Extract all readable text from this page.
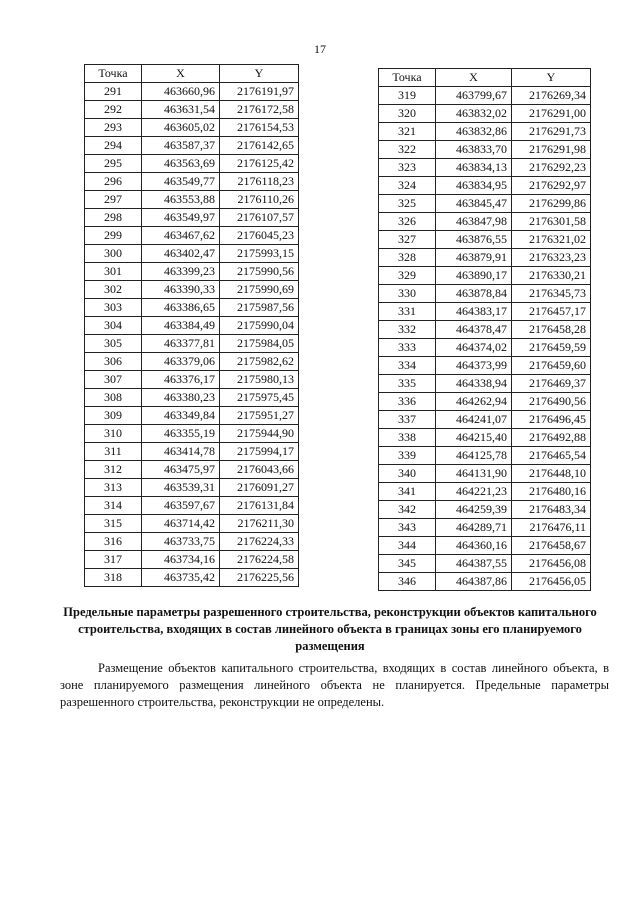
17
Точка	X	Y
291	463660,96	2176191,97
292	463631,54	2176172,58
293	463605,02	2176154,53
294	463587,37	2176142,65
295	463563,69	2176125,42
296	463549,77	2176118,23
297	463553,88	2176110,26
298	463549,97	2176107,57
299	463467,62	2176045,23
300	463402,47	2175993,15
301	463399,23	2175990,56
302	463390,33	2175990,69
303	463386,65	2175987,56
304	463384,49	2175990,04
305	463377,81	2175984,05
306	463379,06	2175982,62
307	463376,17	2175980,13
308	463380,23	2175975,45
309	463349,84	2175951,27
310	463355,19	2175944,90
311	463414,78	2175994,17
312	463475,97	2176043,66
313	463539,31	2176091,27
314	463597,67	2176131,84
315	463714,42	2176211,30
316	463733,75	2176224,33
317	463734,16	2176224,58
318	463735,42	2176225,56
Точка	X	Y
319	463799,67	2176269,34
320	463832,02	2176291,00
321	463832,86	2176291,73
322	463833,70	2176291,98
323	463834,13	2176292,23
324	463834,95	2176292,97
325	463845,47	2176299,86
326	463847,98	2176301,58
327	463876,55	2176321,02
328	463879,91	2176323,23
329	463890,17	2176330,21
330	463878,84	2176345,73
331	464383,17	2176457,17
332	464378,47	2176458,28
333	464374,02	2176459,59
334	464373,99	2176459,60
335	464338,94	2176469,37
336	464262,94	2176490,56
337	464241,07	2176496,45
338	464215,40	2176492,88
339	464125,78	2176465,54
340	464131,90	2176448,10
341	464221,23	2176480,16
342	464259,39	2176483,34
343	464289,71	2176476,11
344	464360,16	2176458,67
345	464387,55	2176456,08
346	464387,86	2176456,05
Предельные параметры разрешенного строительства, реконструкции объектов капитального строительства, входящих в состав линейного объекта в границах зоны его планируемого размещения
Размещение объектов капитального строительства, входящих в состав линейного объекта, в зоне планируемого размещения линейного объекта не планируется. Предельные параметры разрешенного строительства, реконструкции не определены.
